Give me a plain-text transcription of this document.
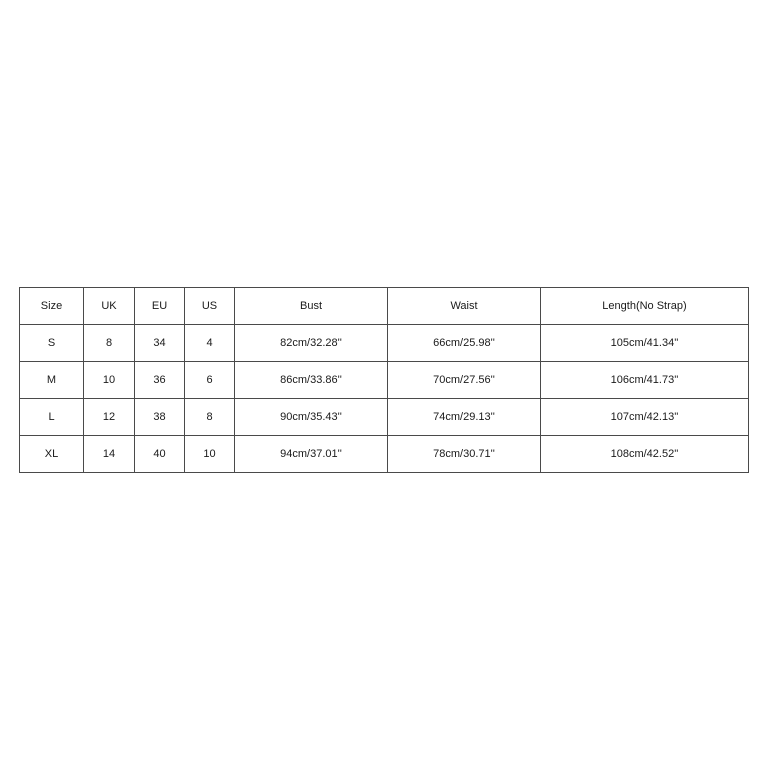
Size	UK	EU	US	Bust	Waist	Length(No Strap)
S	8	34	4	82cm/32.28''	66cm/25.98''	105cm/41.34''
M	10	36	6	86cm/33.86''	70cm/27.56''	106cm/41.73''
L	12	38	8	90cm/35.43''	74cm/29.13''	107cm/42.13''
XL	14	40	10	94cm/37.01''	78cm/30.71''	108cm/42.52''
